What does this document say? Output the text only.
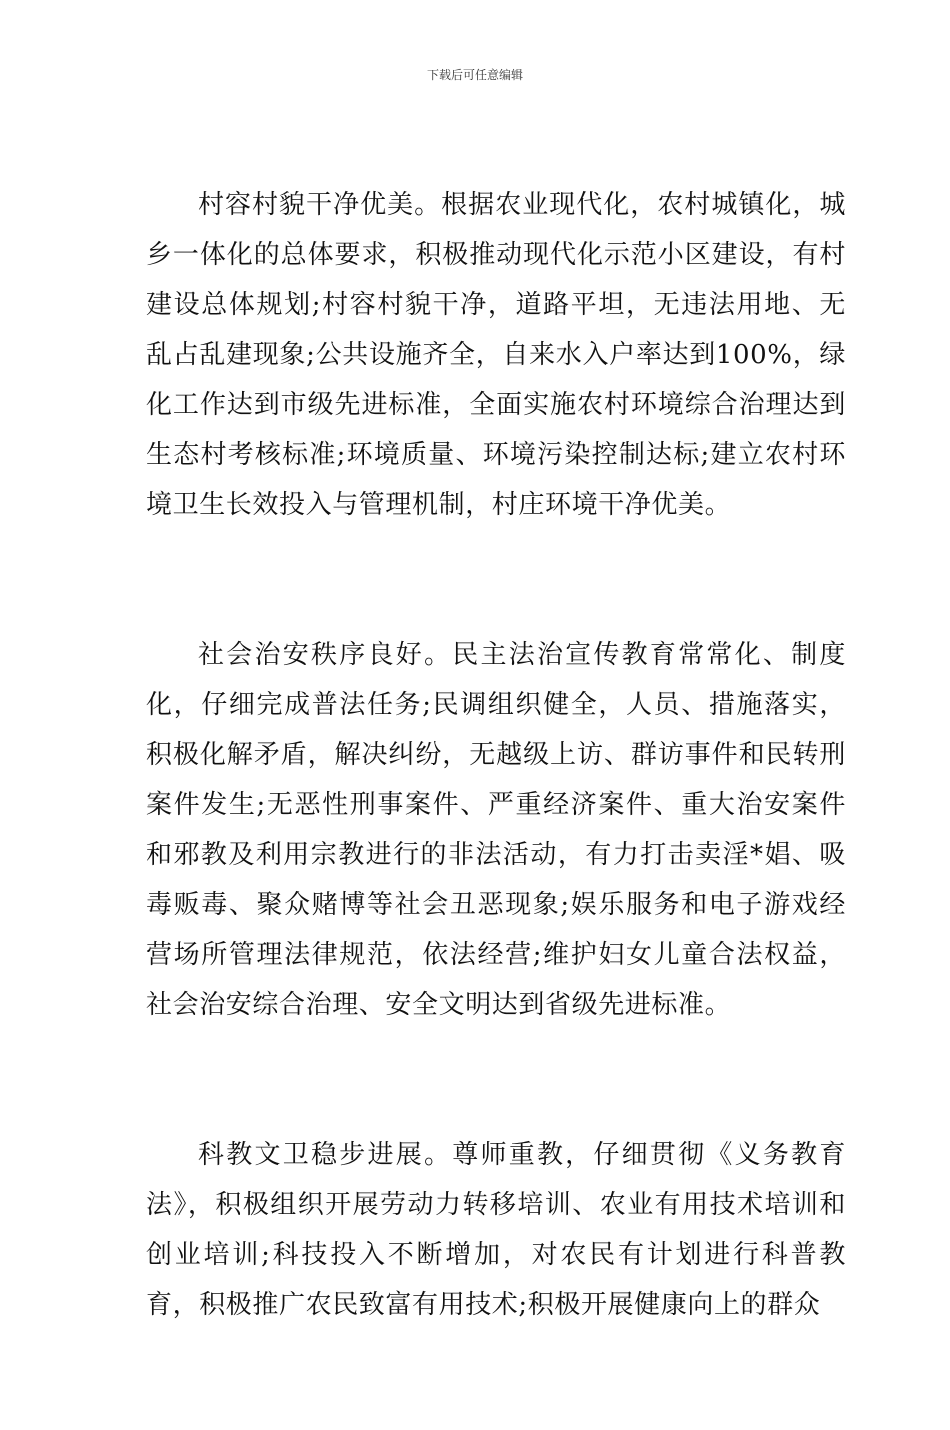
下载后可任意编辑

村容村貌干净优美。根据农业现代化，农村城镇化，城乡一体化的总体要求，积极推动现代化示范小区建设，有村建设总体规划;村容村貌干净，道路平坦，无违法用地、无乱占乱建现象;公共设施齐全，自来水入户率达到100%，绿化工作达到市级先进标准，全面实施农村环境综合治理达到生态村考核标准;环境质量、环境污染控制达标;建立农村环境卫生长效投入与管理机制，村庄环境干净优美。

社会治安秩序良好。民主法治宣传教育常常化、制度化，仔细完成普法任务;民调组织健全，人员、措施落实，积极化解矛盾，解决纠纷，无越级上访、群访事件和民转刑案件发生;无恶性刑事案件、严重经济案件、重大治安案件和邪教及利用宗教进行的非法活动，有力打击卖淫*娼、吸毒贩毒、聚众赌博等社会丑恶现象;娱乐服务和电子游戏经营场所管理法律规范，依法经营;维护妇女儿童合法权益，社会治安综合治理、安全文明达到省级先进标准。

科教文卫稳步进展。尊师重教，仔细贯彻《义务教育法》，积极组织开展劳动力转移培训、农业有用技术培训和创业培训;科技投入不断增加，对农民有计划进行科普教育，积极推广农民致富有用技术;积极开展健康向上的群众
